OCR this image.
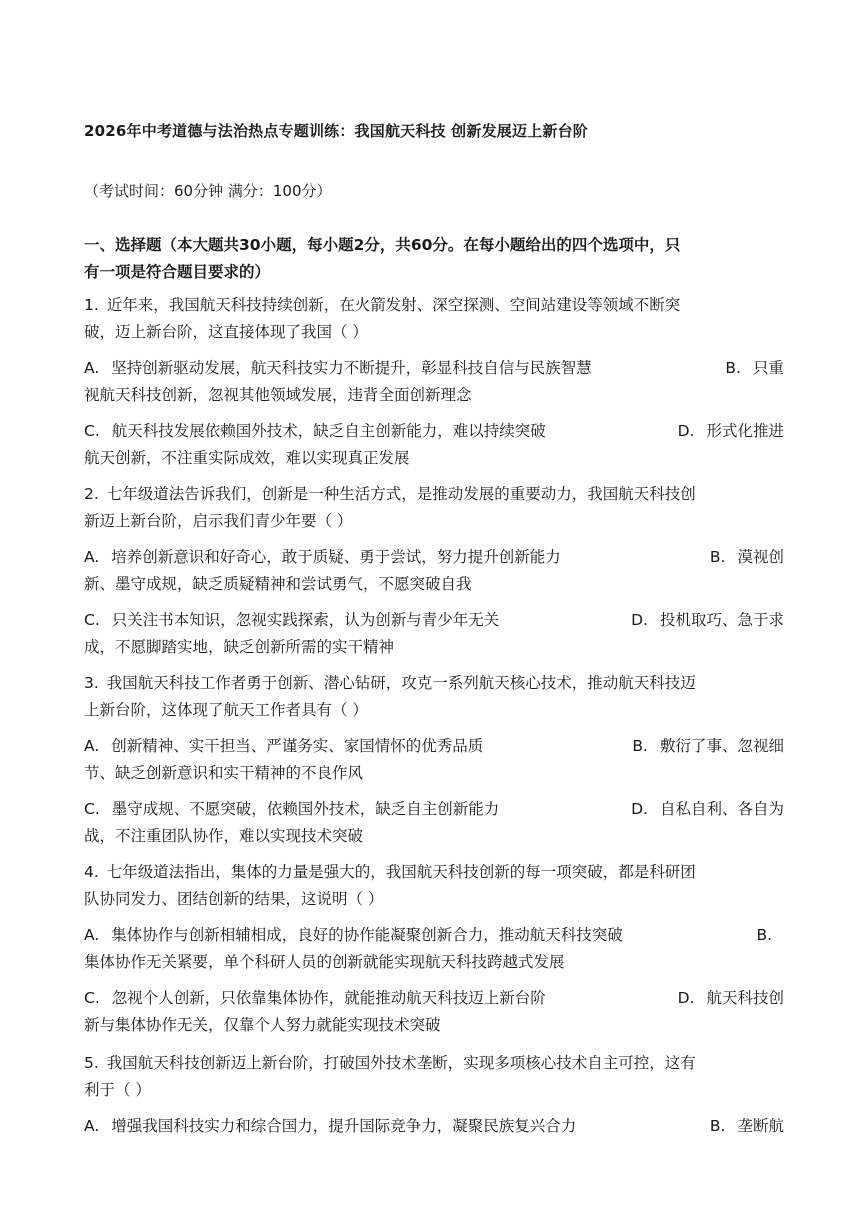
2026年中考道德与法治热点专题训练：我国航天科技 创新发展迈上新台阶
（考试时间：60分钟 满分：100分）
一、选择题（本大题共30小题，每小题2分，共60分。在每小题给出的四个选项中，只
有一项是符合题目要求的）
1. 近年来，我国航天科技持续创新，在火箭发射、深空探测、空间站建设等领域不断突
破，迈上新台阶，这直接体现了我国（ ）
A. 坚持创新驱动发展，航天科技实力不断提升，彰显科技自信与民族智慧	B. 只重
视航天科技创新，忽视其他领域发展，违背全面创新理念
C. 航天科技发展依赖国外技术，缺乏自主创新能力，难以持续突破	D. 形式化推进
航天创新，不注重实际成效，难以实现真正发展
2. 七年级道法告诉我们，创新是一种生活方式，是推动发展的重要动力，我国航天科技创
新迈上新台阶，启示我们青少年要（ ）
A. 培养创新意识和好奇心，敢于质疑、勇于尝试，努力提升创新能力	B. 漠视创
新、墨守成规，缺乏质疑精神和尝试勇气，不愿突破自我
C. 只关注书本知识，忽视实践探索，认为创新与青少年无关	D. 投机取巧、急于求
成，不愿脚踏实地，缺乏创新所需的实干精神
3. 我国航天科技工作者勇于创新、潜心钻研，攻克一系列航天核心技术，推动航天科技迈
上新台阶，这体现了航天工作者具有（ ）
A. 创新精神、实干担当、严谨务实、家国情怀的优秀品质	B. 敷衍了事、忽视细
节、缺乏创新意识和实干精神的不良作风
C. 墨守成规、不愿突破，依赖国外技术，缺乏自主创新能力	D. 自私自利、各自为
战，不注重团队协作，难以实现技术突破
4. 七年级道法指出，集体的力量是强大的，我国航天科技创新的每一项突破，都是科研团
队协同发力、团结创新的结果，这说明（ ）
A. 集体协作与创新相辅相成，良好的协作能凝聚创新合力，推动航天科技突破	B.
集体协作无关紧要，单个科研人员的创新就能实现航天科技跨越式发展
C. 忽视个人创新，只依靠集体协作，就能推动航天科技迈上新台阶	D. 航天科技创
新与集体协作无关，仅靠个人努力就能实现技术突破
5. 我国航天科技创新迈上新台阶，打破国外技术垄断，实现多项核心技术自主可控，这有
利于（ ）
A. 增强我国科技实力和综合国力，提升国际竞争力，凝聚民族复兴合力	B. 垄断航
